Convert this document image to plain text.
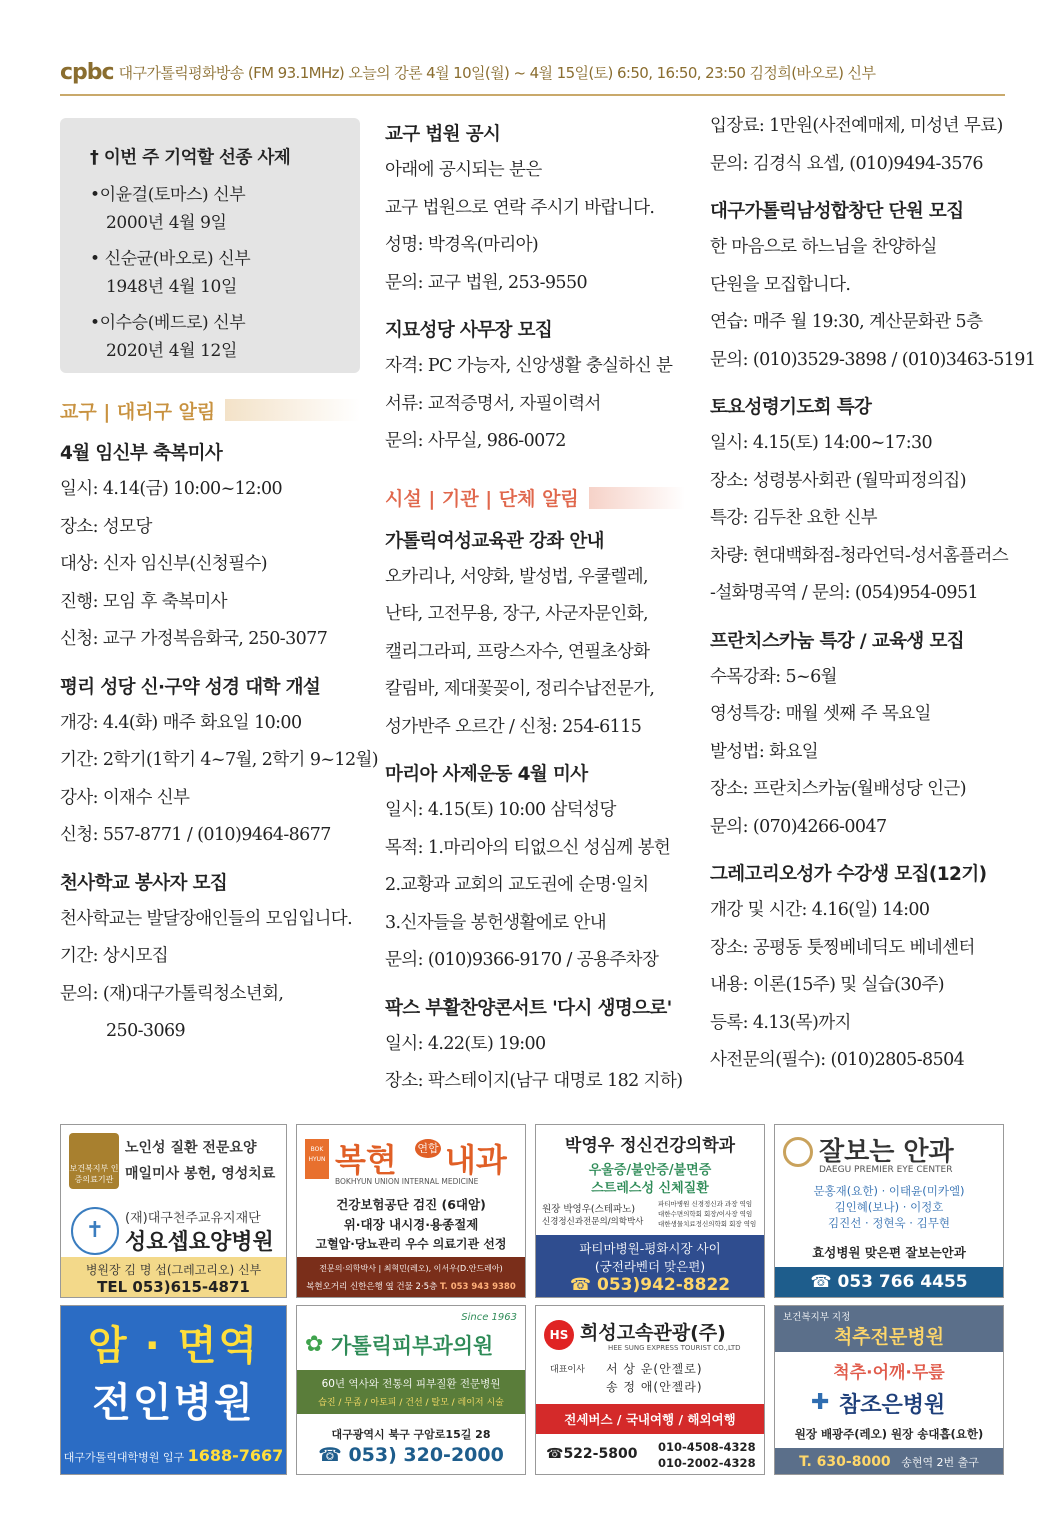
cpbc 대구가톨릭평화방송 (FM 93.1MHz) 오늘의 강론 4월 10일(월) ~ 4월 15일(토) 6:50, 16:50, 23:50 김정희(바오로) 신부
† 이번 주 기억할 선종 사제
•이윤걸(토마스) 신부
2000년 4월 9일
• 신순균(바오로) 신부
1948년 4월 10일
•이수승(베드로) 신부
2020년 4월 12일
교구 | 대리구 알림
4월 임신부 축복미사
일시: 4.14(금) 10:00~12:00
장소: 성모당
대상: 신자 임신부(신청필수)
진행: 모임 후 축복미사
신청: 교구 가정복음화국, 250-3077
평리 성당 신·구약 성경 대학 개설
개강: 4.4(화) 매주 화요일 10:00
기간: 2학기(1학기 4~7월, 2학기 9~12월)
강사: 이재수 신부
신청: 557-8771 / (010)9464-8677
천사학교 봉사자 모집
천사학교는 발달장애인들의 모임입니다.
기간: 상시모집
문의: (재)대구가톨릭청소년회,
250-3069
교구 법원 공시
아래에 공시되는 분은
교구 법원으로 연락 주시기 바랍니다.
성명: 박경옥(마리아)
문의: 교구 법원, 253-9550
지묘성당 사무장 모집
자격: PC 가능자, 신앙생활 충실하신 분
서류: 교적증명서, 자필이력서
문의: 사무실, 986-0072
시설 | 기관 | 단체 알림
가톨릭여성교육관 강좌 안내
오카리나, 서양화, 발성법, 우쿨렐레,
난타, 고전무용, 장구, 사군자문인화,
캘리그라피, 프랑스자수, 연필초상화
칼림바, 제대꽃꽂이, 정리수납전문가,
성가반주 오르간 / 신청: 254-6115
마리아 사제운동 4월 미사
일시: 4.15(토) 10:00 삼덕성당
목적: 1.마리아의 티없으신 성심께 봉헌
2.교황과 교회의 교도권에 순명·일치
3.신자들을 봉헌생활에로 안내
문의: (010)9366-9170 / 공용주차장
팍스 부활찬양콘서트 '다시 생명으로'
일시: 4.22(토) 19:00
장소: 팍스테이지(남구 대명로 182 지하)
입장료: 1만원(사전예매제, 미성년 무료)
문의: 김경식 요셉, (010)9494-3576
대구가톨릭남성합창단 단원 모집
한 마음으로 하느님을 찬양하실
단원을 모집합니다.
연습: 매주 월 19:30, 계산문화관 5층
문의: (010)3529-3898 / (010)3463-5191
토요성령기도회 특강
일시: 4.15(토) 14:00~17:30
장소: 성령봉사회관 (월막피정의집)
특강: 김두찬 요한 신부
차량: 현대백화점-청라언덕-성서홈플러스
-설화명곡역 / 문의: (054)954-0951
프란치스카눔 특강 / 교육생 모집
수목강좌: 5~6월
영성특강: 매월 셋째 주 목요일
발성법: 화요일
장소: 프란치스카눔(월배성당 인근)
문의: (070)4266-0047
그레고리오성가 수강생 모집(12기)
개강 및 시간: 4.16(일) 14:00
장소: 공평동 툿찡베네딕도 베네센터
내용: 이론(15주) 및 실습(30주)
등록: 4.13(목)까지
사전문의(필수): (010)2805-8504
보건복지부 인증의료기관
노인성 질환 전문요양
매일미사 봉헌, 영성치료
✝	(재)대구천주교유지재단
성요셉요양병원
병원장 김 명 섭(그레고리오) 신부
TEL 053)615-4871
BOK HYUN 복현 연합 내과
BOKHYUN UNION INTERNAL MEDICINE
건강보험공단 검진 (6대암)
위·대장 내시경·용종절제
고혈압·당뇨관리 우수 의료기관 선정
전문의·의학박사 | 최혁민(레오), 이서우(D.안드레아)
복현오거리 신한은행 옆 건물 2·5층 T. 053 943 9380
박영우 정신건강의학과
우울증/불안증/불면증
스트레스성 신체질환
원장 박영우(스테파노)
신경정신과전문의/의학박사
파티마병원 신경정신과 과장 역임
대한수면의학회 회장/이사장 역임
대한생물치료정신의학회 회장 역임
파티마병원-평화시장 사이
(궁전라벤더 맞은편)
☎ 053)942-8822
잘보는 안과
DAEGU PREMIER EYE CENTER
문홍재(요한) · 이태윤(미카엘)
김인혜(보나) · 이정호
김진선 · 정현욱 · 김무현
효성병원 맞은편 잘보는안과
☎ 053 766 4455
암 · 면역
전인병원
대구가톨릭대학병원 입구 1688-7667
Since 1963
✿ 가톨릭피부과의원
60년 역사와 전통의 피부질환 전문병원
습진 / 무좀 / 아토피 / 건선 / 탈모 / 레이저 시술
대구광역시 북구 구암로15길 28
☎ 053) 320-2000
HS 희성고속관광(주)
HEE SUNG EXPRESS TOURIST CO.,LTD
대표이사 서 상 운(안젤로)
송 정 애(안젤라)
전세버스 / 국내여행 / 해외여행
☎522-5800 010-4508-4328
010-2002-4328
보건복지부 지정
척추전문병원
척추·어깨·무릎
✚ 참조은병원
원장 배광주(레오) 원장 송대흡(요한)
T. 630-8000 송현역 2번 출구
